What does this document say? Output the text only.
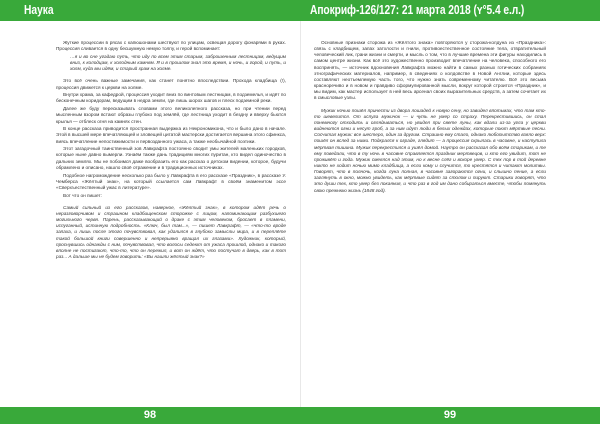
Наука

Жуткие процессии в рясах с капюшонами шествуют по улицам, освещая дорогу фонарями в руках. Процессия сливается в одну бесшумную немую толпу, и герой вспоминает:

…я и во сне угадаю путь, что иду по всем этим старым, заброшенным лестницам, ведущим вниз, к колодцам, к холодным камням. Я и в прошлом знал это время, и ночь, и город, и путь, и холм, куда мы идём, и старый храм на холме.

Это всё очень важные замечания, как станет понятно впоследствии. Прохода кладбища (!), процессия движется к церкви на холме.

Внутри храма, за кафедрой, процессия уходит вниз по винтовым лестницам, в подземелья, и идёт по бесконечным коридорам, ведущим в недра земли, где лишь шорох шагов и плеск подземной реки.

Далее же буду пересказывать словами этого великолепного рассказа, но при чтении перед мысленным взором встают образы глубоко под землёй, где лестница уходит в бездну и вверху бьются крылья — отблеск огня на камнях стен.

В конце рассказа приводится пространная выдержка из Некрономикона, что и было дано в начале. Этой в высшей мере впечатляющей и зловещей цитатой мастерски достигается вершина этого сфинкса, виясь впечатление непостижимости и первозданного ужаса, а также необычайной поэтики.

Этот загадочный таинственный зов Лавкрафта постоянно сводит умы жителей маленьких городков, которые ныне давно вымерли. Узнаём также дань традициям многих пуритан, кто видел одиночество в дальних землях. Мы не побоимся даже вообразить его как рассказ о детском видении, которое, будучи обрамлено и описано, нашло своё отражение и в традиционных источниках.

Подобное нагромождение несколько раз было у Лавкрафта в его рассказе «Праздник», в рассказе У. Чемберса «Жёлтый знак», на который ссылается сам Лавкрафт в своём знаменитом эссе «Сверхъестественный ужас в литературе».

Вот что он пишет:

Самый сильный из его рассказов, наверное, «Жёлтый знак», в котором идёт речь о неразговорчивом и страшном кладбищенском сторожке с лицом, напоминающим разбухшего могильного червя. Парень, рассказывающий о драке с этим человеком, бросает в пламени, испуганный, истинную подробность. «Ключ, был там...», — пишет Лавкрафт, — «что-то вроде запаха, и лишь после этого почувствовал, как удалился в глубоко замыслы мира, и в переплёте такой большой книги совершенно и непрерывно вращал их глазами». Художник, который, проснувшись однажды с ним, почувствовал, что волосы седеют от ужаса прошлой, однако и такого вполне не постигают, что-то, что он пережил, и вот он ждёт, что постучат в дверь, как в тот раз... А дальше мы не будем говорить: «Вы нашли жёлтый знак?»

98
Апокриф-126/127: 21 марта 2018 (ʏ°5.4 е.л.)

Основные признаки сторожа из «Жёлтого знака» повторяются у сторожа-колдуна из «Праздника»: связь с кладбищем, запах затхлости и гнили, противоестественное состояние тела, отвратительный человеческий лик, грани жизни и смерти, и мысль о том, что в лучшие времена эти фигуры находились в самом центре жизни. Как всё это художественно производит впечатление на человека, способного его воспринять, — источник вдохновения Лавкрафта можно найти в самых разных готических собраниях этнографических материалов, например, в сведениях о колдовстве в Новой Англии, которые здесь составляют неотъемлемую часть того, что нужно знать современному читателю. Всё это весьма красноречиво и в новом и правдиво сформулированной мысли, вокруг которой строится «Праздник», и мы видим, как мастер использует в ней весь арсенал своих выразительных средств, а затем сочетает их в смысловые узлы.

Мужик ночью пошёл принести из двора лошадей к новую сену, но завидел впотьмах, что там кто-то шевелится. От испуга мужичок — и чуть не умер со страху. Перекрестившись, он стал понемногу отходить и оглядываться, но увидел при свете луны, как вдали из-за угла у церкви виднеются огни и несут гроб, а за ним идут люди в белых одеждах, которые поют мёртвые песни. Сосчитал мужик: все шестеро, один за другим. Страшно ему стало, однако любопытство взяло верх: пошёл он вслед за ними. Подкрался к ограде, глядит — а процессия скрылась в часовне, и наступила мёртвая тишина. Мужик перекрестился и ушёл домой. Наутро он рассказал обо всём старикам, и те ему поведали, что в ту ночь в часовне справляется праздник мертвецов, и кто его увидит, тот не проживёт и года. Мужик смеялся над этим, но к весне слёг и вскоре умер. С тех пор в той деревне никто не ходит ночью мимо кладбища, а если кому и случится, то крестятся и читают молитвы. Говорят, что в полночь, когда луна полная, в часовне загораются огни, и слышно пение, а если заглянуть в окно, можно увидеть, как мёртвые сидят за столом и пируют. Старики говорят, что это души тех, кто умер без покаяния, и что раз в год им дано собираться вместе, чтобы помянуть свою прежнюю жизнь (1848 год).

99
